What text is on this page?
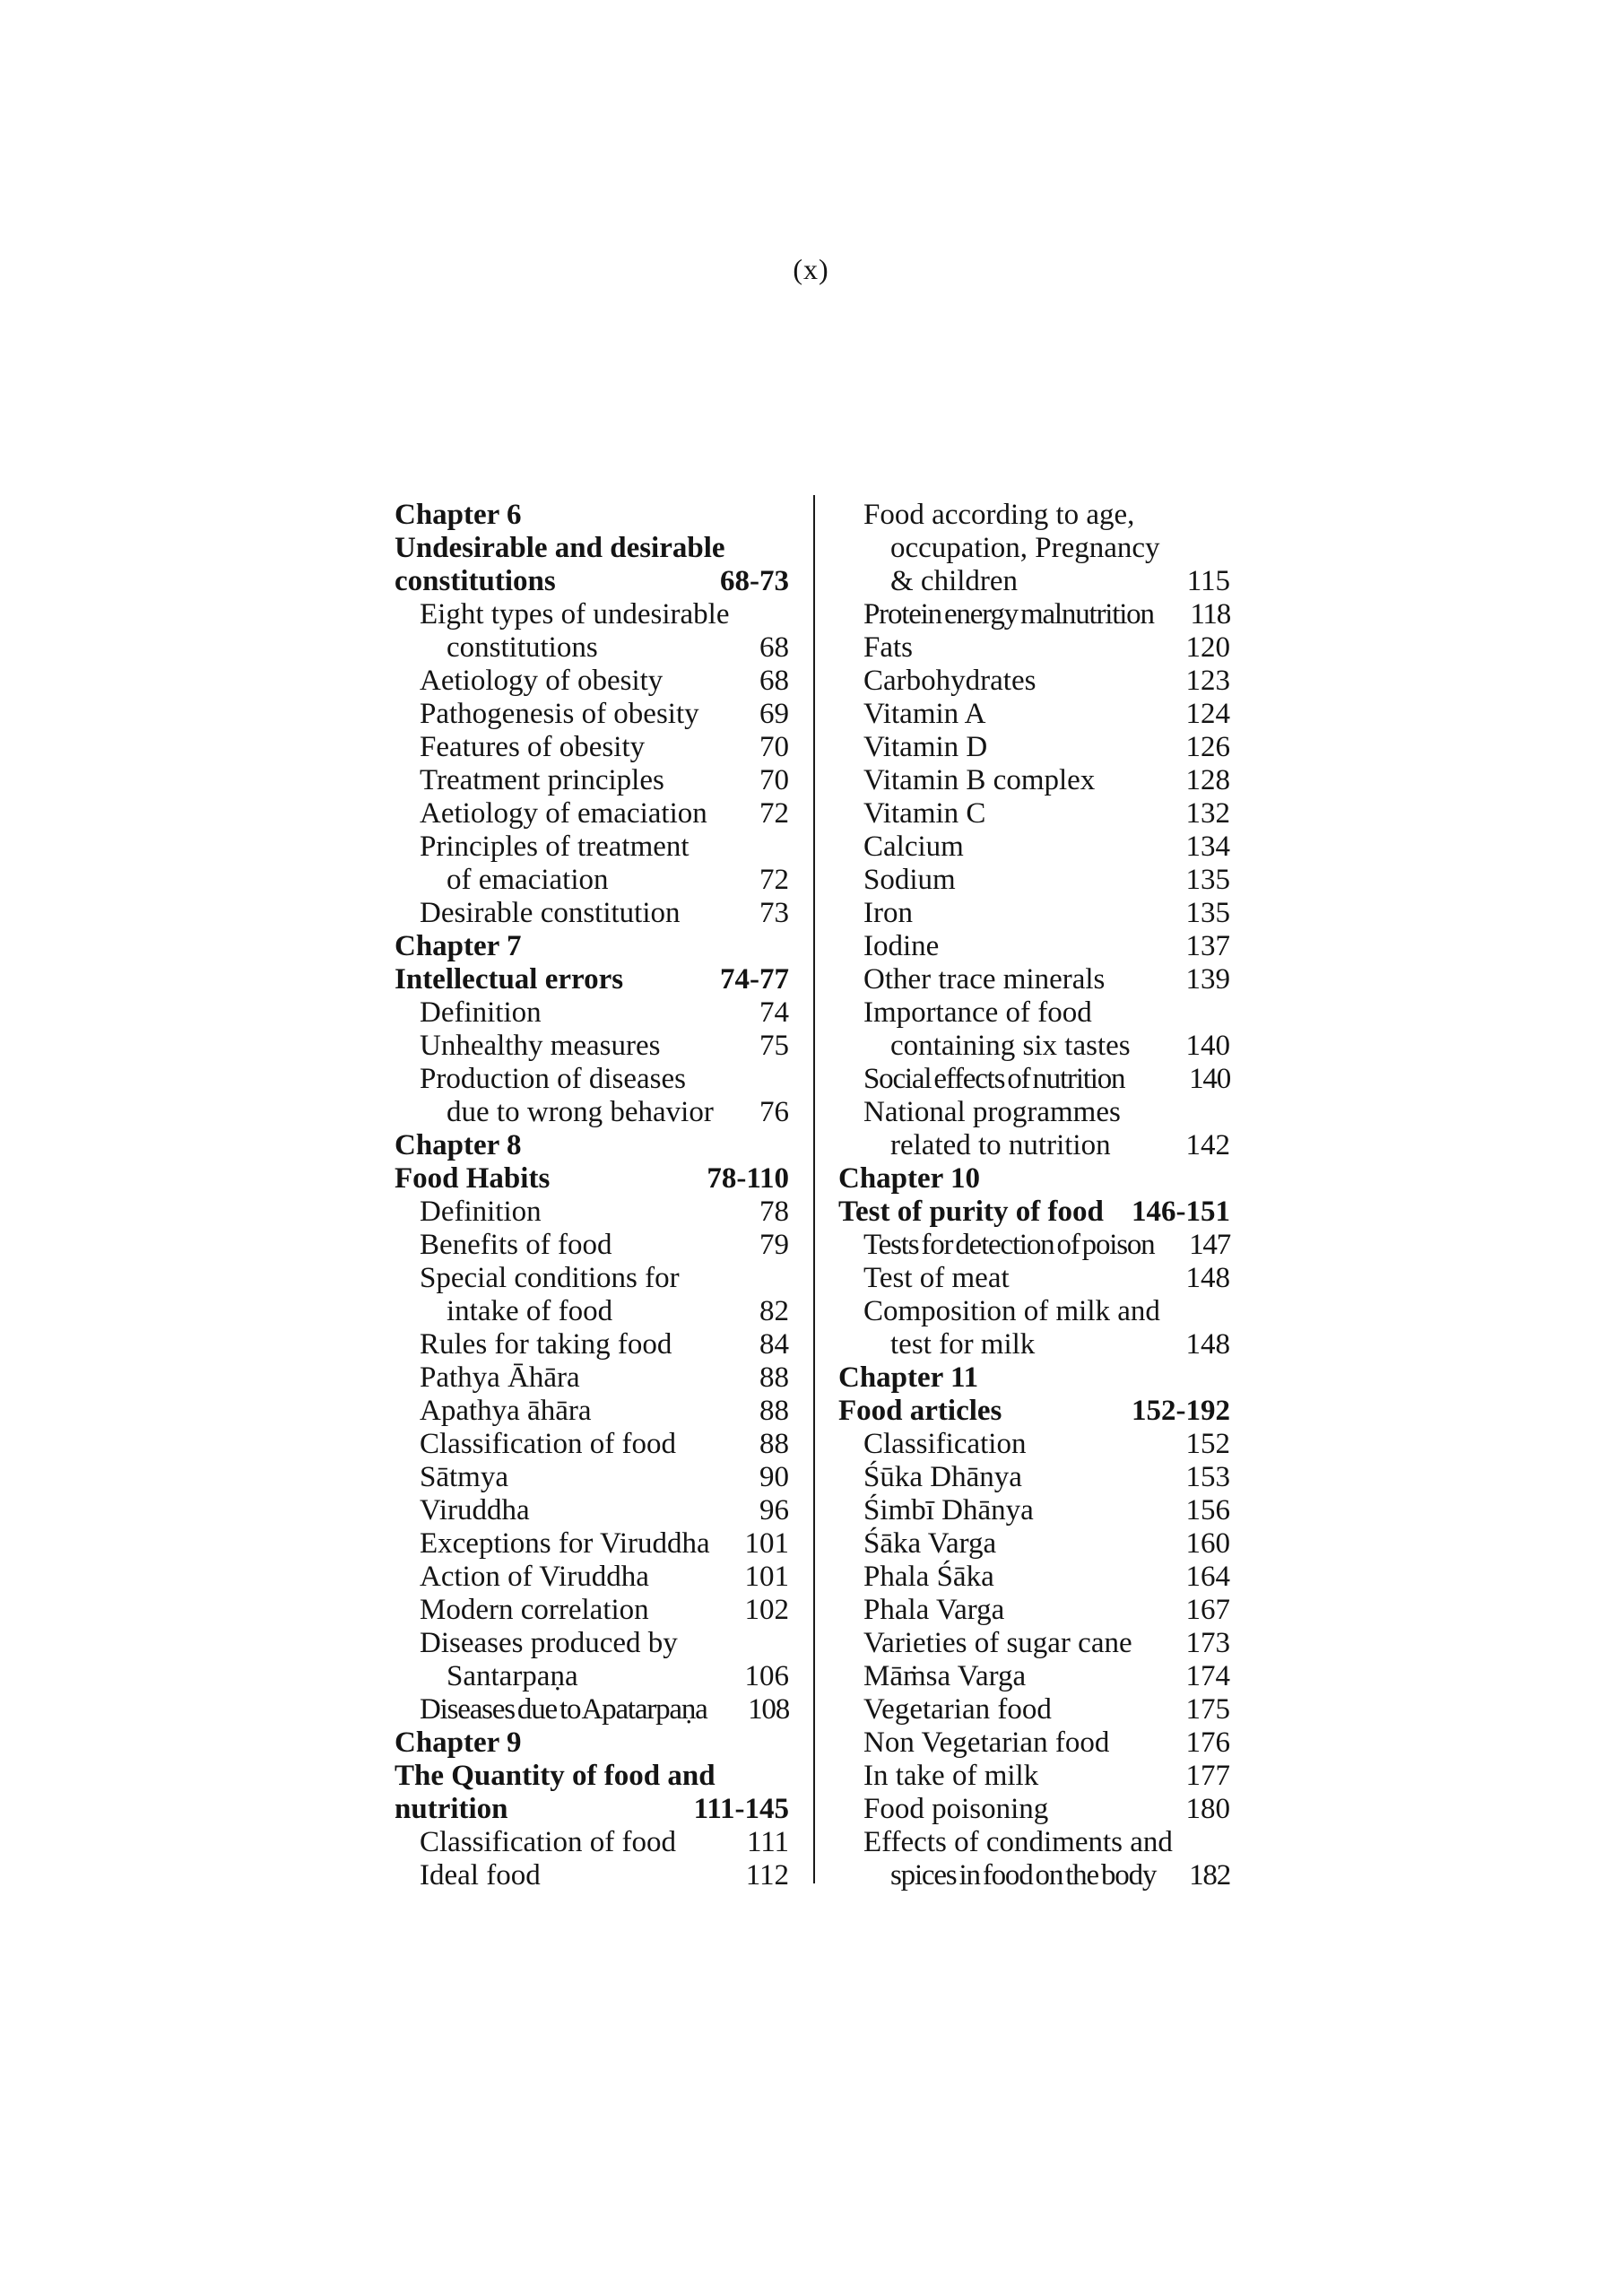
(x)
Chapter 6
Undesirable and desirable
constitutions	68-73
Eight types of undesirable
constitutions	68
Aetiology of obesity	68
Pathogenesis of obesity 69
Features of obesity	70
Treatment principles	70
Aetiology of emaciation 72
Principles of treatment
of emaciation	72
Desirable constitution	73
Chapter 7
Intellectual errors	74-77
Definition	74
Unhealthy measures	75
Production of diseases
due to wrong behavior 76
Chapter 8
Food Habits	78-110
Definition	78
Benefits of food	79
Special conditions for
intake of food	82
Rules for taking food	84
Pathya Āhāra	88
Apathya āhāra	88
Classification of food	88
Sātmya	90
Viruddha	96
Exceptions for Viruddha 101
Action of Viruddha	101
Modern correlation	102
Diseases produced by
Santarpaṇa	106
Diseases due to Apatarpaṇa 108
Chapter 9
The Quantity of food and
nutrition	111-145
Classification of food 111
Ideal food	112
Food according to age,
occupation, Pregnancy
& children	115
Protein energy malnutrition 118
Fats	120
Carbohydrates	123
Vitamin A	124
Vitamin D	126
Vitamin B complex	128
Vitamin C	132
Calcium	134
Sodium	135
Iron	135
Iodine	137
Other trace minerals	139
Importance of food
containing six tastes 140
Social effects of nutrition 140
National programmes
related to nutrition	142
Chapter 10
Test of purity of food 146-151
Tests for detection of poison 147
Test of meat	148
Composition of milk and
test for milk	148
Chapter 11
Food articles	152-192
Classification	152
Śūka Dhānya	153
Śimbī Dhānya	156
Śāka Varga	160
Phala Śāka	164
Phala Varga	167
Varieties of sugar cane 173
Māṁsa Varga	174
Vegetarian food	175
Non Vegetarian food	176
In take of milk	177
Food poisoning	180
Effects of condiments and
spices in food on the body 182
